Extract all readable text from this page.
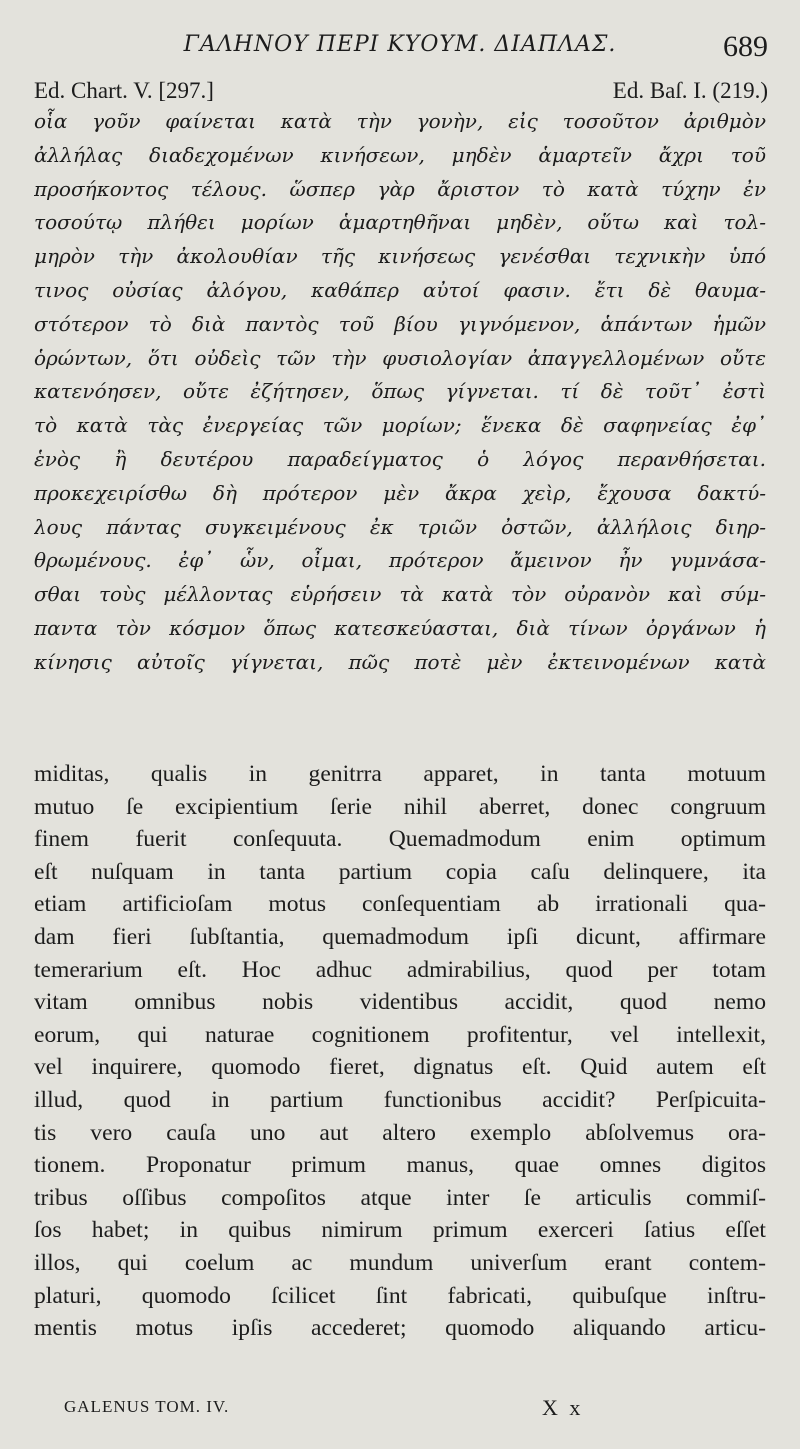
ΓΑΛΗΝΟΥ ΠΕΡΙ ΚΥΟΥΜ. ΔΙΑΠΛΑΣ.	689
Ed. Chart. V. [297.]	Ed. Baſ. I. (219.)
οἷα γοῦν φαίνεται κατὰ τὴν γονὴν, εἰς τοσοῦτον ἀριθμὸν
ἀλλήλας διαδεχομένων κινήσεων, μηδὲν ἁμαρτεῖν ἄχρι τοῦ
προσήκοντος τέλους. ὥσπερ γὰρ ἄριστον τὸ κατὰ τύχην ἐν
τοσούτῳ πλήθει μορίων ἁμαρτηθῆναι μηδὲν, οὕτω καὶ τολ-
μηρὸν τὴν ἀκολουθίαν τῆς κινήσεως γενέσθαι τεχνικὴν ὑπό
τινος οὐσίας ἀλόγου, καθάπερ αὐτοί φασιν. ἔτι δὲ θαυμα-
στότερον τὸ διὰ παντὸς τοῦ βίου γιγνόμενον, ἁπάντων ἡμῶν
ὁρώντων, ὅτι οὐδεὶς τῶν τὴν φυσιολογίαν ἀπαγγελλομένων οὔτε
κατενόησεν, οὔτε ἐζήτησεν, ὅπως γίγνεται. τί δὲ τοῦτ᾽ ἐστὶ
τὸ κατὰ τὰς ἐνεργείας τῶν μορίων; ἕνεκα δὲ σαφηνείας ἐφ᾽
ἑνὸς ἢ δευτέρου παραδείγματος ὁ λόγος περανθήσεται.
προκεχειρίσθω δὴ πρότερον μὲν ἄκρα χεὶρ, ἔχουσα δακτύ-
λους πάντας συγκειμένους ἐκ τριῶν ὀστῶν, ἀλλήλοις διηρ-
θρωμένους. ἐφ᾽ ὧν, οἶμαι, πρότερον ἄμεινον ἦν γυμνάσα-
σθαι τοὺς μέλλοντας εὑρήσειν τὰ κατὰ τὸν οὐρανὸν καὶ σύμ-
παντα τὸν κόσμον ὅπως κατεσκεύασται, διὰ τίνων ὀργάνων ἡ
κίνησις αὐτοῖς γίγνεται, πῶς ποτὲ μὲν ἐκτεινομένων κατὰ
miditas, qualis in genitrra apparet, in tanta motuum
mutuo ſe excipientium ſerie nihil aberret, donec congruum
finem fuerit conſequuta. Quemadmodum enim optimum
eſt nuſquam in tanta partium copia caſu delinquere, ita
etiam artificioſam motus conſequentiam ab irrationali qua-
dam fieri ſubſtantia, quemadmodum ipſi dicunt, affirmare
temerarium eſt. Hoc adhuc admirabilius, quod per totam
vitam omnibus nobis videntibus accidit, quod nemo
eorum, qui naturae cognitionem profitentur, vel intellexit,
vel inquirere, quomodo fieret, dignatus eſt. Quid autem eſt
illud, quod in partium functionibus accidit? Perſpicuita-
tis vero cauſa uno aut altero exemplo abſolvemus ora-
tionem. Proponatur primum manus, quae omnes digitos
tribus oſſibus compoſitos atque inter ſe articulis commiſ-
ſos habet; in quibus nimirum primum exerceri ſatius eſſet
illos, qui coelum ac mundum univerſum erant contem-
platuri, quomodo ſcilicet ſint fabricati, quibuſque inſtru-
mentis motus ipſis accederet; quomodo aliquando articu-
GALENUS TOM. IV.	X x
